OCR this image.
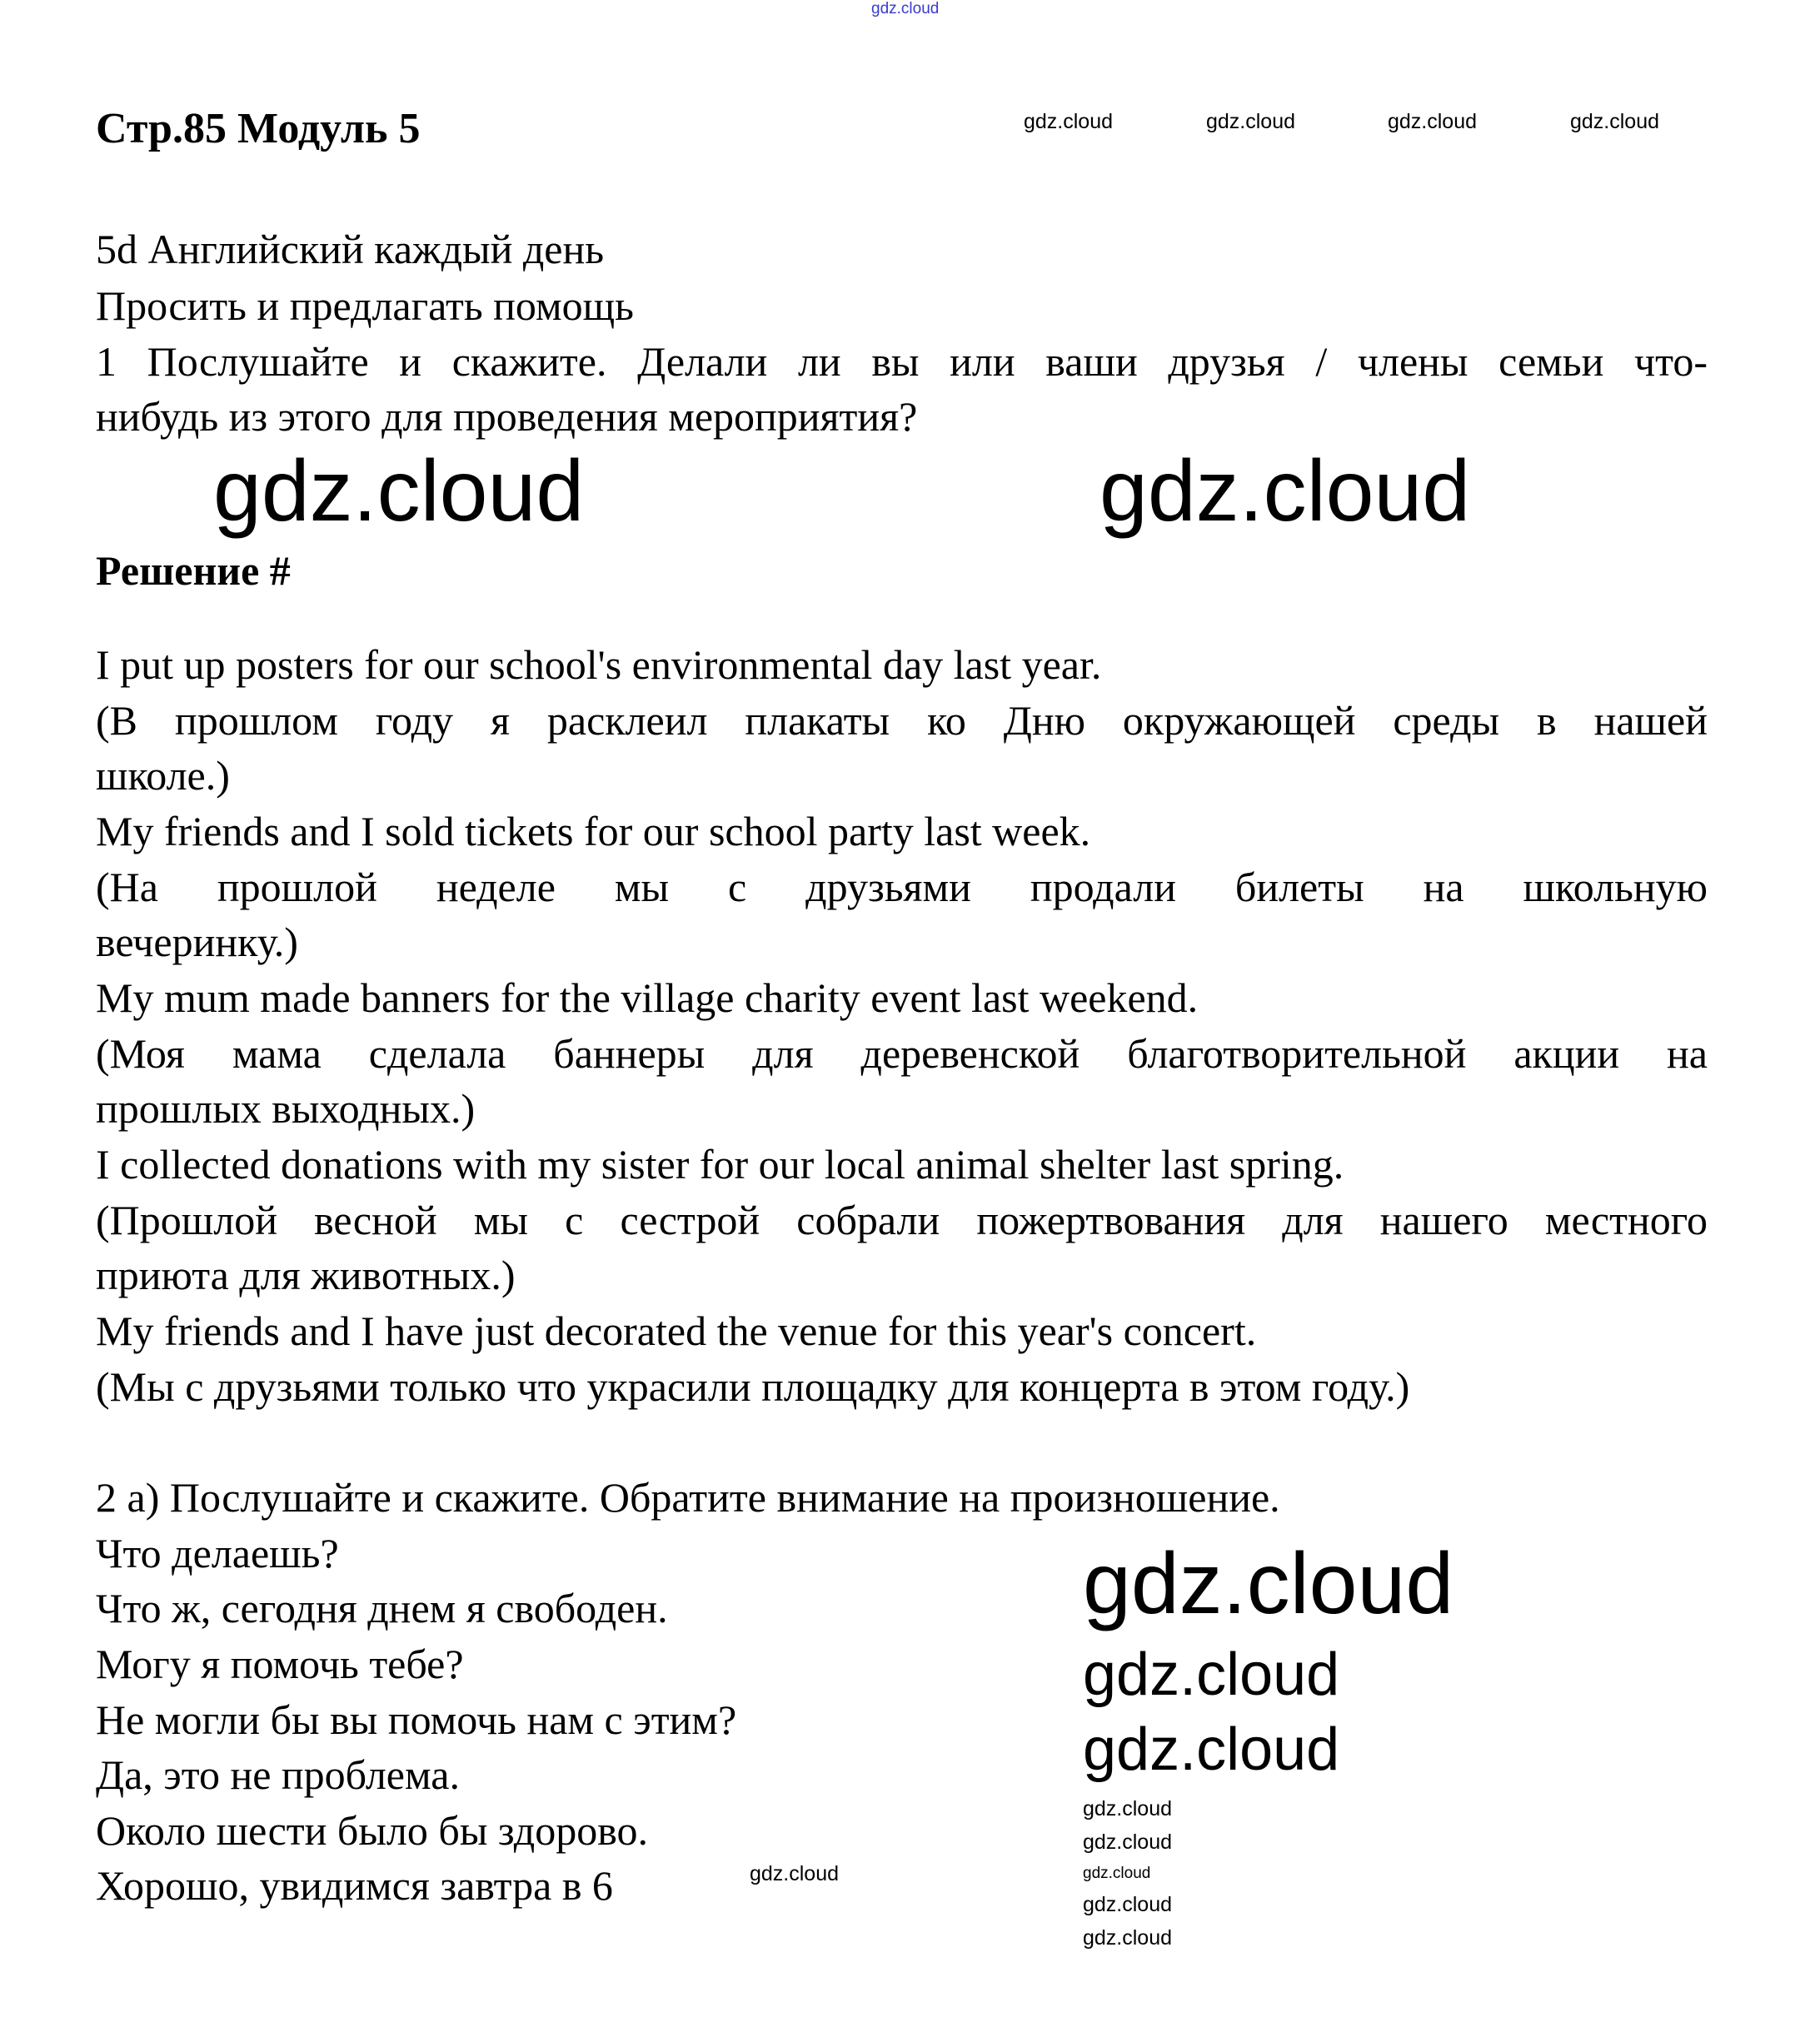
gdz.cloud
Стр.85 Модуль 5	gdz.cloud	gdz.cloud	gdz.cloud	gdz.cloud
5d Английский каждый день
Просить и предлагать помощь
1 Послушайте и скажите. Делали ли вы или ваши друзья / члены семьи что-
нибудь из этого для проведения мероприятия?
gdz.cloud	gdz.cloud
Решение #
I put up posters for our school's environmental day last year.
(В прошлом году я расклеил плакаты ко Дню окружающей среды в нашей
школе.)
My friends and I sold tickets for our school party last week.
(На прошлой неделе мы с друзьями продали билеты на школьную
вечеринку.)
My mum made banners for the village charity event last weekend.
(Моя мама сделала баннеры для деревенской благотворительной акции на
прошлых выходных.)
I collected donations with my sister for our local animal shelter last spring.
(Прошлой весной мы с сестрой собрали пожертвования для нашего местного
приюта для животных.)
My friends and I have just decorated the venue for this year's concert.
(Мы с друзьями только что украсили площадку для концерта в этом году.)
2 a) Послушайте и скажите. Обратите внимание на произношение.
Что делаешь?
Что ж, сегодня днем я свободен.
Могу я помочь тебе?
Не могли бы вы помочь нам с этим?
Да, это не проблема.
Около шести было бы здорово.
Хорошо, увидимся завтра в 6	gdz.cloud
gdz.cloud
gdz.cloud
gdz.cloud
gdz.cloud
gdz.cloud
gdz.cloud
gdz.cloud
gdz.cloud
